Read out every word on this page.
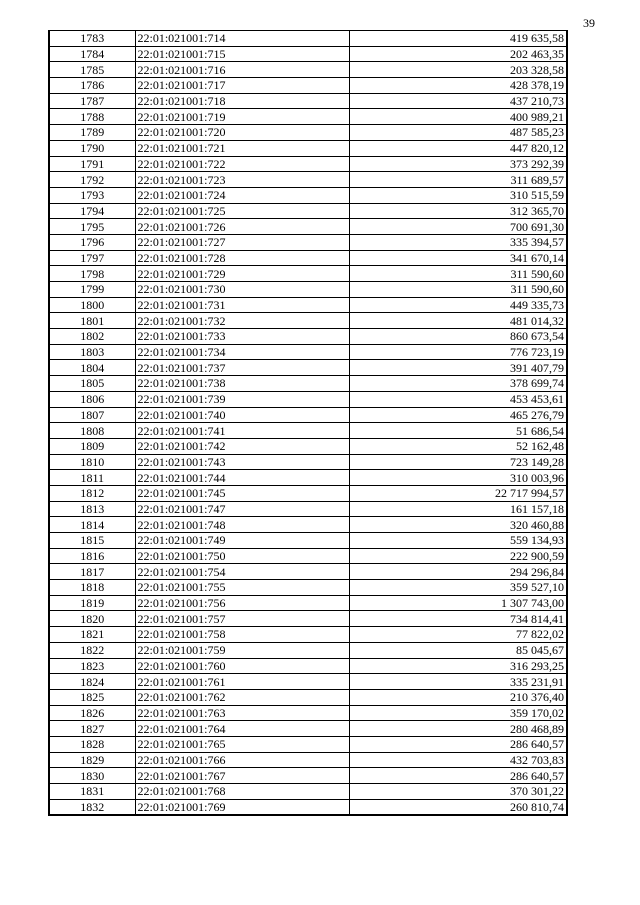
39
1783	22:01:021001:714	419 635,58
1784	22:01:021001:715	202 463,35
1785	22:01:021001:716	203 328,58
1786	22:01:021001:717	428 378,19
1787	22:01:021001:718	437 210,73
1788	22:01:021001:719	400 989,21
1789	22:01:021001:720	487 585,23
1790	22:01:021001:721	447 820,12
1791	22:01:021001:722	373 292,39
1792	22:01:021001:723	311 689,57
1793	22:01:021001:724	310 515,59
1794	22:01:021001:725	312 365,70
1795	22:01:021001:726	700 691,30
1796	22:01:021001:727	335 394,57
1797	22:01:021001:728	341 670,14
1798	22:01:021001:729	311 590,60
1799	22:01:021001:730	311 590,60
1800	22:01:021001:731	449 335,73
1801	22:01:021001:732	481 014,32
1802	22:01:021001:733	860 673,54
1803	22:01:021001:734	776 723,19
1804	22:01:021001:737	391 407,79
1805	22:01:021001:738	378 699,74
1806	22:01:021001:739	453 453,61
1807	22:01:021001:740	465 276,79
1808	22:01:021001:741	51 686,54
1809	22:01:021001:742	52 162,48
1810	22:01:021001:743	723 149,28
1811	22:01:021001:744	310 003,96
1812	22:01:021001:745	22 717 994,57
1813	22:01:021001:747	161 157,18
1814	22:01:021001:748	320 460,88
1815	22:01:021001:749	559 134,93
1816	22:01:021001:750	222 900,59
1817	22:01:021001:754	294 296,84
1818	22:01:021001:755	359 527,10
1819	22:01:021001:756	1 307 743,00
1820	22:01:021001:757	734 814,41
1821	22:01:021001:758	77 822,02
1822	22:01:021001:759	85 045,67
1823	22:01:021001:760	316 293,25
1824	22:01:021001:761	335 231,91
1825	22:01:021001:762	210 376,40
1826	22:01:021001:763	359 170,02
1827	22:01:021001:764	280 468,89
1828	22:01:021001:765	286 640,57
1829	22:01:021001:766	432 703,83
1830	22:01:021001:767	286 640,57
1831	22:01:021001:768	370 301,22
1832	22:01:021001:769	260 810,74
